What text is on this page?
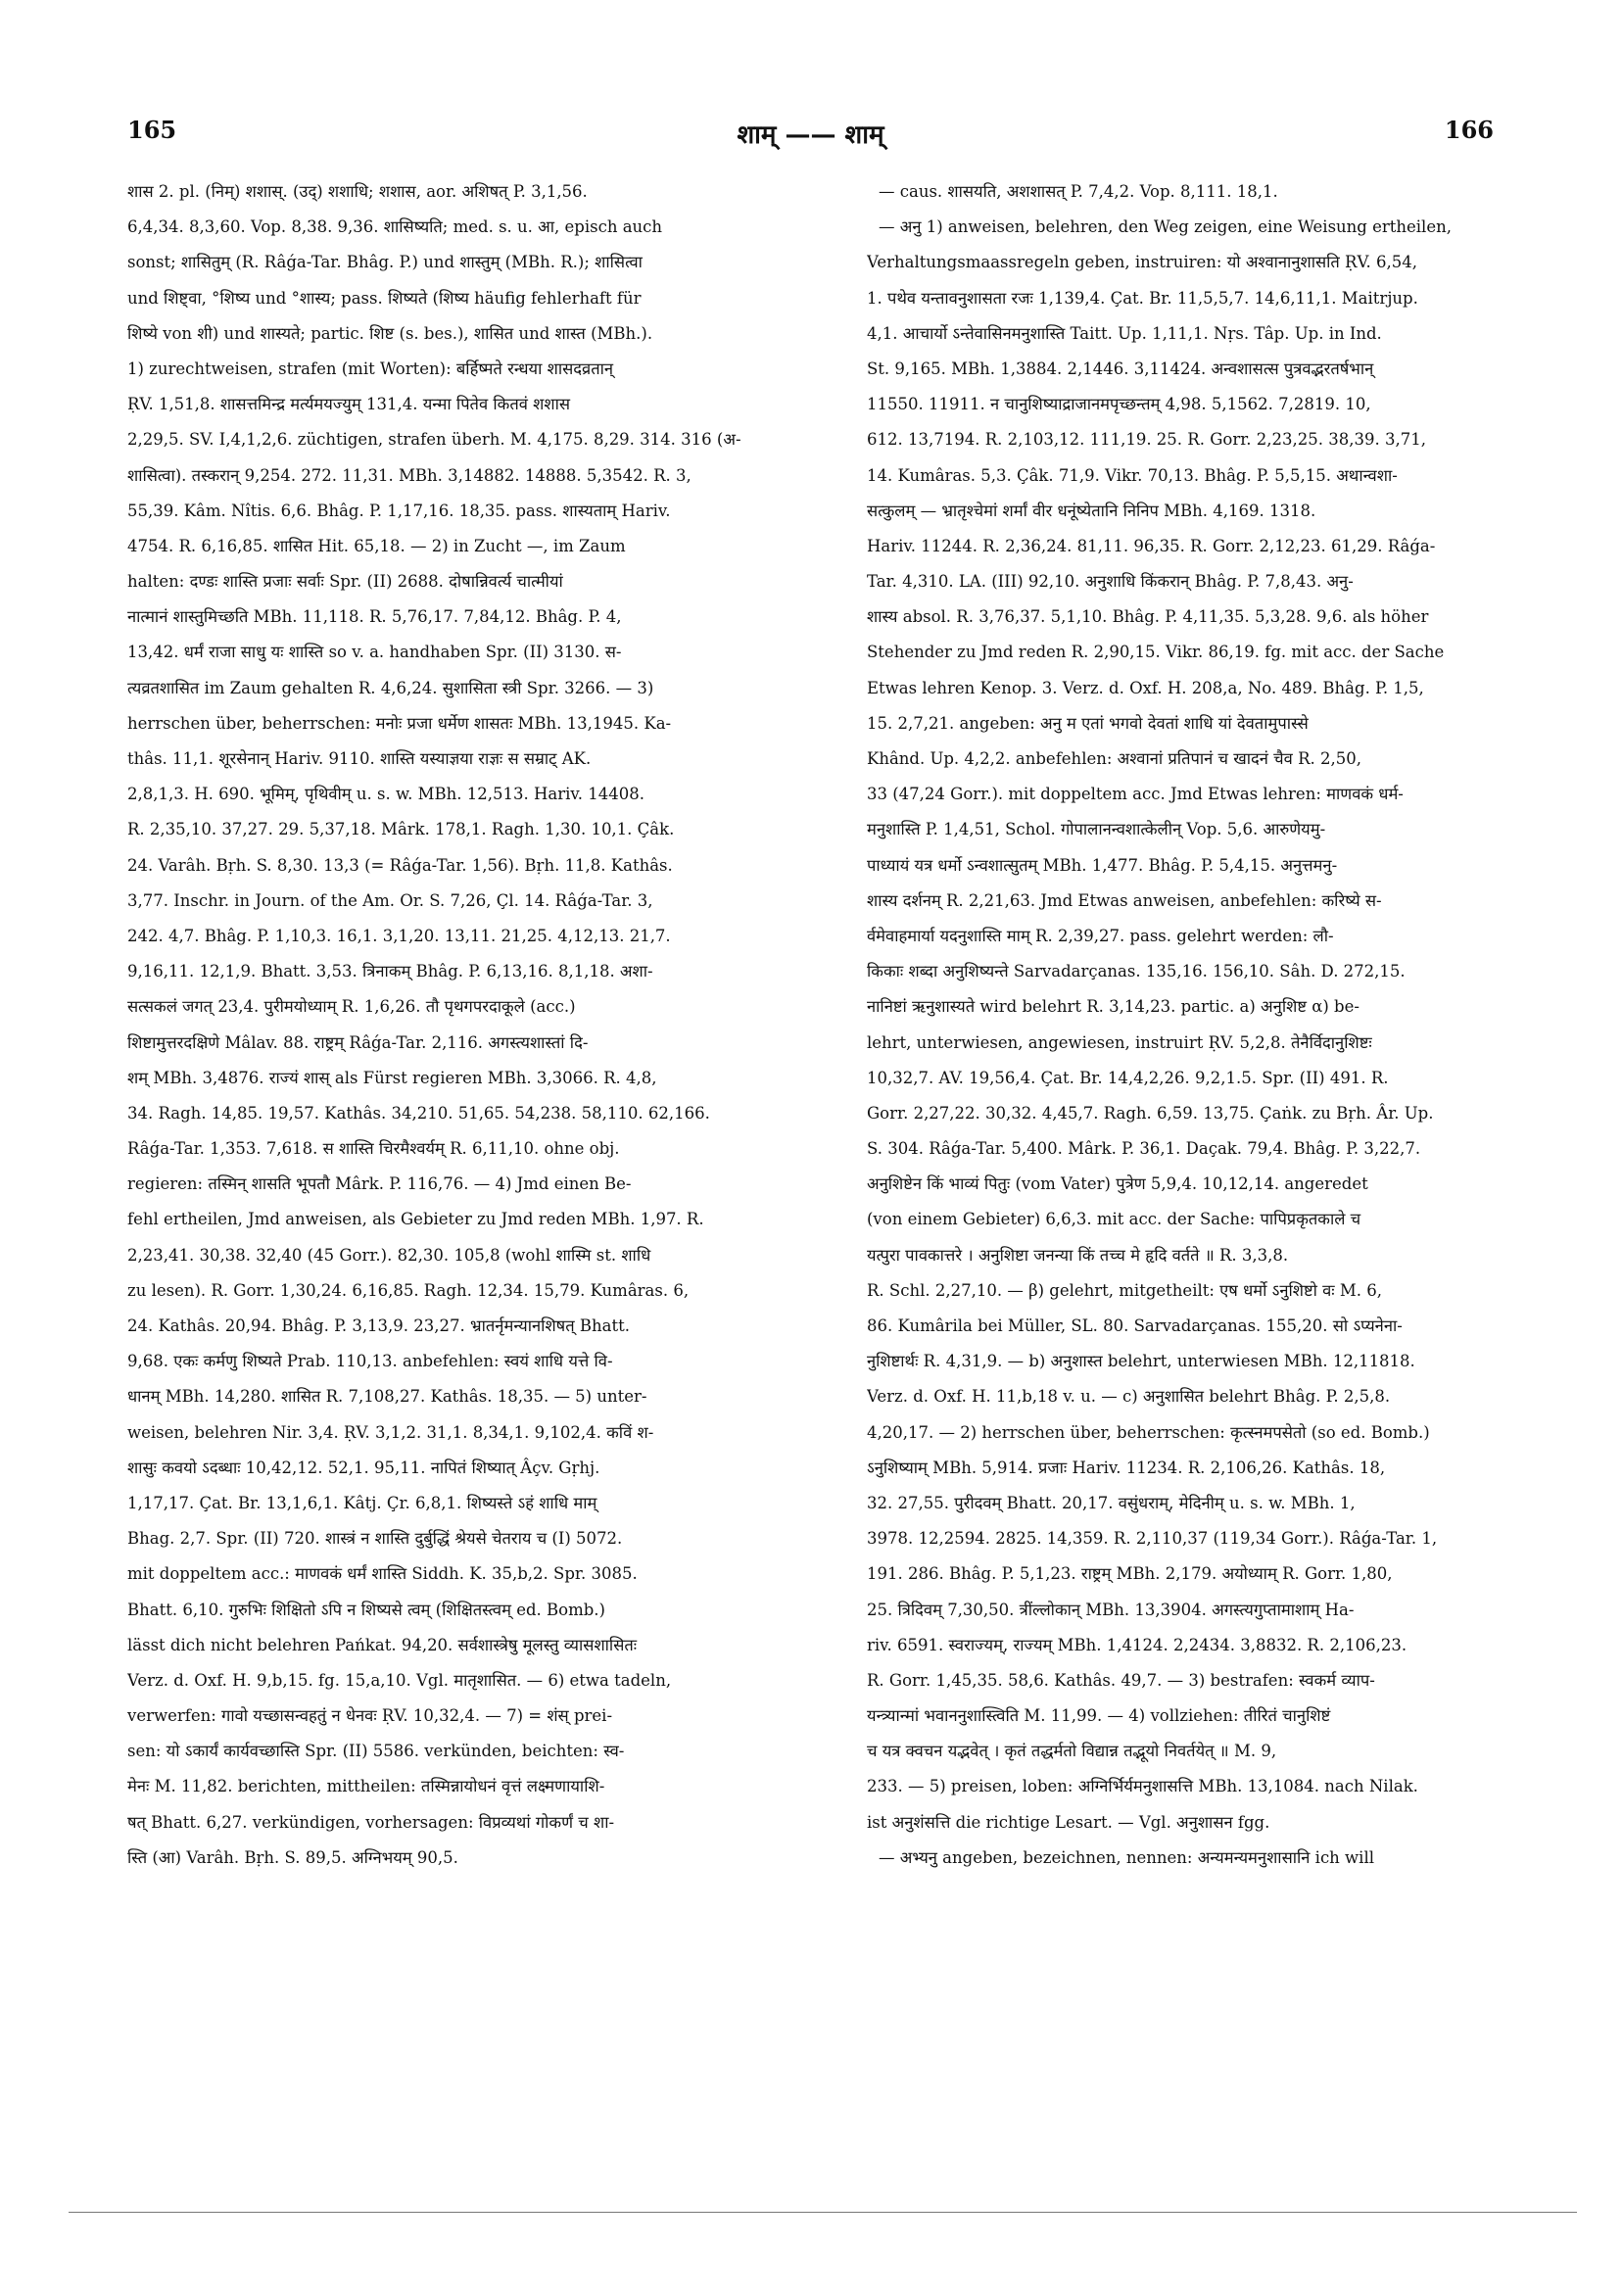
165	शाम् —— शाम्	166
शास 2. pl. (निम्) शशास्. (उद्) शशाधि; शशास, aor. अशिषत् P. 3,1,56.
6,4,34. 8,3,60. Vop. 8,38. 9,36. शासिष्यति; med. s. u. आ, episch auch
sonst; शासितुम् (R. Râǵa-Tar. Bhâg. P.) und शास्तुम् (MBh. R.); शासित्वा
und शिष्ट्वा, °शिष्य und °शास्य; pass. शिष्यते (शिष्य häufig fehlerhaft für
शिष्ये von शी) und शास्यते; partic. शिष्ट (s. bes.), शासित und शास्त (MBh.).
1) zurechtweisen, strafen (mit Worten): बर्हिष्मते रन्धया शासदव्रतान्
ṚV. 1,51,8. शासत्तमिन्द्र मर्त्यमयज्युम् 131,4. यन्मा पितेव कितवं शशास
2,29,5. SV. I,4,1,2,6. züchtigen, strafen überh. M. 4,175. 8,29. 314. 316 (अ-
शासित्वा). तस्करान् 9,254. 272. 11,31. MBh. 3,14882. 14888. 5,3542. R. 3,
55,39. Kâm. Nîtis. 6,6. Bhâg. P. 1,17,16. 18,35. pass. शास्यताम् Hariv.
4754. R. 6,16,85. शासित Hit. 65,18. — 2) in Zucht —, im Zaum
halten: दण्डः शास्ति प्रजाः सर्वाः Spr. (II) 2688. दोषान्निवर्त्य चात्मीयां
नात्मानं शास्तुमिच्छति MBh. 11,118. R. 5,76,17. 7,84,12. Bhâg. P. 4,
13,42. धर्मं राजा साधु यः शास्ति so v. a. handhaben Spr. (II) 3130. स-
त्यव्रतशासित im Zaum gehalten R. 4,6,24. सुशासिता स्त्री Spr. 3266. — 3)
herrschen über, beherrschen: मनोः प्रजा धर्मेण शासतः MBh. 13,1945. Ka-
thâs. 11,1. शूरसेनान् Hariv. 9110. शास्ति यस्याज्ञया राज्ञः स सम्राट् AK.
2,8,1,3. H. 690. भूमिम्, पृथिवीम् u. s. w. MBh. 12,513. Hariv. 14408.
R. 2,35,10. 37,27. 29. 5,37,18. Mârk. 178,1. Ragh. 1,30. 10,1. Çâk.
24. Varâh. Bṛh. S. 8,30. 13,3 (= Râǵa-Tar. 1,56). Bṛh. 11,8. Kathâs.
3,77. Inschr. in Journ. of the Am. Or. S. 7,26, Çl. 14. Râǵa-Tar. 3,
242. 4,7. Bhâg. P. 1,10,3. 16,1. 3,1,20. 13,11. 21,25. 4,12,13. 21,7.
9,16,11. 12,1,9. Bhatt. 3,53. त्रिनाकम् Bhâg. P. 6,13,16. 8,1,18. अशा-
सत्सकलं जगत् 23,4. पुरीमयोध्याम् R. 1,6,26. तौ पृथगपरदाकूले (acc.)
शिष्टामुत्तरदक्षिणे Mâlav. 88. राष्ट्रम् Râǵa-Tar. 2,116. अगस्त्यशास्तां दि-
शम् MBh. 3,4876. राज्यं शास् als Fürst regieren MBh. 3,3066. R. 4,8,
34. Ragh. 14,85. 19,57. Kathâs. 34,210. 51,65. 54,238. 58,110. 62,166.
Râǵa-Tar. 1,353. 7,618. स शास्ति चिरमैश्वर्यम् R. 6,11,10. ohne obj.
regieren: तस्मिन् शासति भूपतौ Mârk. P. 116,76. — 4) Jmd einen Be-
fehl ertheilen, Jmd anweisen, als Gebieter zu Jmd reden MBh. 1,97. R.
2,23,41. 30,38. 32,40 (45 Gorr.). 82,30. 105,8 (wohl शास्मि st. शाधि
zu lesen). R. Gorr. 1,30,24. 6,16,85. Ragh. 12,34. 15,79. Kumâras. 6,
24. Kathâs. 20,94. Bhâg. P. 3,13,9. 23,27. भ्रातर्नृमन्यानशिषत् Bhatt.
9,68. एकः कर्मणु शिष्यते Prab. 110,13. anbefehlen: स्वयं शाधि यत्ते वि-
धानम् MBh. 14,280. शासित R. 7,108,27. Kathâs. 18,35. — 5) unter-
weisen, belehren Nir. 3,4. ṚV. 3,1,2. 31,1. 8,34,1. 9,102,4. कविं श-
शासुः कवयो ऽदब्धाः 10,42,12. 52,1. 95,11. नापितं शिष्यात् Âçv. Gṛhj.
1,17,17. Çat. Br. 13,1,6,1. Kâtj. Çr. 6,8,1. शिष्यस्ते ऽहं शाधि माम्
Bhag. 2,7. Spr. (II) 720. शास्त्रं न शास्ति दुर्बुद्धिं श्रेयसे चेतराय च (I) 5072.
mit doppeltem acc.: माणवकं धर्मं शास्ति Siddh. K. 35,b,2. Spr. 3085.
Bhatt. 6,10. गुरुभिः शिक्षितो ऽपि न शिष्यसे त्वम् (शिक्षितस्त्वम् ed. Bomb.)
lässt dich nicht belehren Pańkat. 94,20. सर्वशास्त्रेषु मूलस्तु व्यासशासितः
Verz. d. Oxf. H. 9,b,15. fg. 15,a,10. Vgl. मातृशासित. — 6) etwa tadeln,
verwerfen: गावो यच्छासन्वहतुं न धेनवः ṚV. 10,32,4. — 7) = शंस् prei-
sen: यो ऽकार्यं कार्यवच्छास्ति Spr. (II) 5586. verkünden, beichten: स्व-
मेनः M. 11,82. berichten, mittheilen: तस्मिन्नायोधनं वृत्तं लक्ष्मणायाशि-
षत् Bhatt. 6,27. verkündigen, vorhersagen: विप्रव्यथां गोकर्णं च शा-
स्ति (आ) Varâh. Bṛh. S. 89,5. अग्निभयम् 90,5.
— caus. शासयति, अशशासत् P. 7,4,2. Vop. 8,111. 18,1.
— अनु 1) anweisen, belehren, den Weg zeigen, eine Weisung ertheilen,
Verhaltungsmaassregeln geben, instruiren: यो अश्वानानुशासति ṚV. 6,54,
1. पथेव यन्तावनुशासता रजः 1,139,4. Çat. Br. 11,5,5,7. 14,6,11,1. Maitrjup.
4,1. आचार्यो ऽन्तेवासिनमनुशास्ति Taitt. Up. 1,11,1. Nṛs. Tâp. Up. in Ind.
St. 9,165. MBh. 1,3884. 2,1446. 3,11424. अन्वशासत्स पुत्रवद्भरतर्षभान्
11550. 11911. न चानुशिष्याद्राजानमपृच्छन्तम् 4,98. 5,1562. 7,2819. 10,
612. 13,7194. R. 2,103,12. 111,19. 25. R. Gorr. 2,23,25. 38,39. 3,71,
14. Kumâras. 5,3. Çâk. 71,9. Vikr. 70,13. Bhâg. P. 5,5,15. अथान्वशा-
सत्कुलम् — भ्रातृश्चेमां शर्मां वीर धनूंष्येतानि निनिप MBh. 4,169. 1318.
Hariv. 11244. R. 2,36,24. 81,11. 96,35. R. Gorr. 2,12,23. 61,29. Râǵa-
Tar. 4,310. LA. (III) 92,10. अनुशाधि किंकरान् Bhâg. P. 7,8,43. अनु-
शास्य absol. R. 3,76,37. 5,1,10. Bhâg. P. 4,11,35. 5,3,28. 9,6. als höher
Stehender zu Jmd reden R. 2,90,15. Vikr. 86,19. fg. mit acc. der Sache
Etwas lehren Kenop. 3. Verz. d. Oxf. H. 208,a, No. 489. Bhâg. P. 1,5,
15. 2,7,21. angeben: अनु म एतां भगवो देवतां शाधि यां देवतामुपास्से
Khând. Up. 4,2,2. anbefehlen: अश्वानां प्रतिपानं च खादनं चैव R. 2,50,
33 (47,24 Gorr.). mit doppeltem acc. Jmd Etwas lehren: माणवकं धर्म-
मनुशास्ति P. 1,4,51, Schol. गोपालानन्वशात्केलीन् Vop. 5,6. आरुणेयमु-
पाध्यायं यत्र धर्मो ऽन्वशात्सुतम् MBh. 1,477. Bhâg. P. 5,4,15. अनुत्तमनु-
शास्य दर्शनम् R. 2,21,63. Jmd Etwas anweisen, anbefehlen: करिष्ये स-
र्वमेवाहमार्या यदनुशास्ति माम् R. 2,39,27. pass. gelehrt werden: लौ-
किकाः शब्दा अनुशिष्यन्ते Sarvadarçanas. 135,16. 156,10. Sâh. D. 272,15.
नानिष्टां ऋनुशास्यते wird belehrt R. 3,14,23. partic. a) अनुशिष्ट α) be-
lehrt, unterwiesen, angewiesen, instruirt ṚV. 5,2,8. तेनैर्विदानुशिष्टः
10,32,7. AV. 19,56,4. Çat. Br. 14,4,2,26. 9,2,1.5. Spr. (II) 491. R.
Gorr. 2,27,22. 30,32. 4,45,7. Ragh. 6,59. 13,75. Çaṅk. zu Bṛh. Âr. Up.
S. 304. Râǵa-Tar. 5,400. Mârk. P. 36,1. Daçak. 79,4. Bhâg. P. 3,22,7.
अनुशिष्टेन किं भाव्यं पितुः (vom Vater) पुत्रेण 5,9,4. 10,12,14. angeredet
(von einem Gebieter) 6,6,3. mit acc. der Sache: पापिप्रकृतकाले च
यत्पुरा पावकात्तरे । अनुशिष्टा जनन्या किं तच्च मे हृदि वर्तते ॥ R. 3,3,8.
R. Schl. 2,27,10. — β) gelehrt, mitgetheilt: एष धर्मो ऽनुशिष्टो वः M. 6,
86. Kumârila bei Müller, SL. 80. Sarvadarçanas. 155,20. सो ऽप्यनेना-
नुशिष्टार्थः R. 4,31,9. — b) अनुशास्त belehrt, unterwiesen MBh. 12,11818.
Verz. d. Oxf. H. 11,b,18 v. u. — c) अनुशासित belehrt Bhâg. P. 2,5,8.
4,20,17. — 2) herrschen über, beherrschen: कृत्स्नमपसेतो (so ed. Bomb.)
ऽनुशिष्याम् MBh. 5,914. प्रजाः Hariv. 11234. R. 2,106,26. Kathâs. 18,
32. 27,55. पुरीदवम् Bhatt. 20,17. वसुंधराम्, मेदिनीम् u. s. w. MBh. 1,
3978. 12,2594. 2825. 14,359. R. 2,110,37 (119,34 Gorr.). Râǵa-Tar. 1,
191. 286. Bhâg. P. 5,1,23. राष्ट्रम् MBh. 2,179. अयोध्याम् R. Gorr. 1,80,
25. त्रिदिवम् 7,30,50. त्रींल्लोकान् MBh. 13,3904. अगस्त्यगुप्तामाशाम् Ha-
riv. 6591. स्वराज्यम्, राज्यम् MBh. 1,4124. 2,2434. 3,8832. R. 2,106,23.
R. Gorr. 1,45,35. 58,6. Kathâs. 49,7. — 3) bestrafen: स्वकर्म व्याप-
यन्त्र्यान्मां भवाननुशास्त्विति M. 11,99. — 4) vollziehen: तीरितं चानुशिष्टं
च यत्र क्वचन यद्भवेत् । कृतं तद्धर्मतो विद्यान्न तद्भूयो निवर्तयेत् ॥ M. 9,
233. — 5) preisen, loben: अग्निर्भिर्यमनुशासत्ति MBh. 13,1084. nach Nilak.
ist अनुशंसत्ति die richtige Lesart. — Vgl. अनुशासन fgg.
— अभ्यनु angeben, bezeichnen, nennen: अन्यमन्यमनुशासानि ich will
